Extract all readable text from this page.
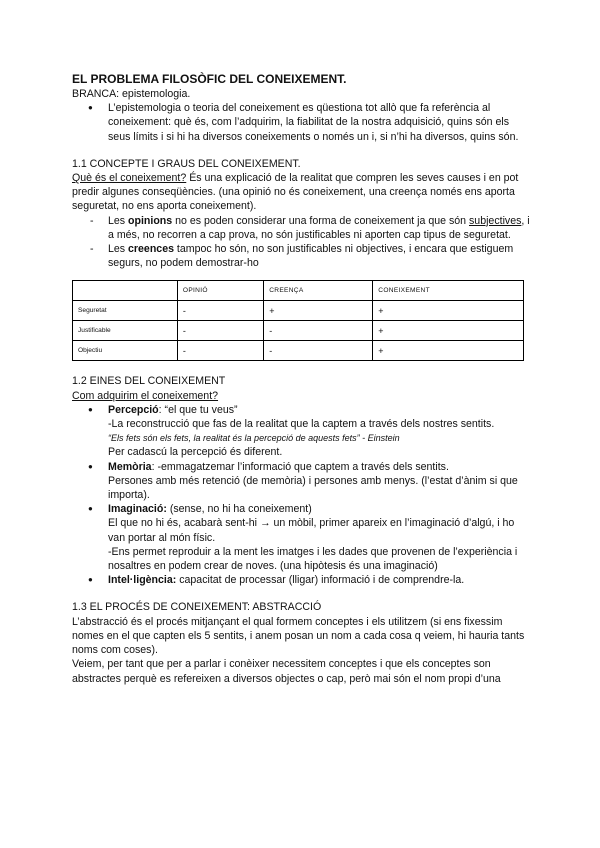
EL PROBLEMA FILOSÒFIC DEL CONEIXEMENT.

BRANCA: epistemologia.

● L’epistemologia o teoria del coneixement es qüestiona tot allò que fa referència al coneixement: què és, com l’adquirim, la fiabilitat de la nostra adquisició, quins són els seus límits i si hi ha diversos coneixements o només un i, si n’hi ha diversos, quins són.

1.1 CONCEPTE I GRAUS DEL CONEIXEMENT.

Què és el coneixement? És una explicació de la realitat que compren les seves causes i en pot predir algunes conseqüències. (una opinió no és coneixement, una creença només ens aporta seguretat, no ens aporta coneixement).

- Les opinions no es poden considerar una forma de coneixement ja que són subjectives, i a més, no recorren a cap prova, no són justificables ni aporten cap tipus de seguretat.
- Les creences tampoc ho són, no son justificables ni objectives, i encara que estiguem segurs, no podem demostrar-ho
	OPINIÓ	CREENÇA	CONEIXEMENT
Seguretat	-	+	+
Justificable	-	-	+
Objectiu	-	-	+

1.2 EINES DEL CONEIXEMENT

Com adquirim el coneixement?

● Percepció: “el que tu veus”
-La reconstrucció que fas de la realitat que la captem a través dels nostres sentits.
“Els fets són els fets, la realitat és la percepció de aquests fets” - Einstein
Per cadascú la percepció és diferent.
● Memòria: -emmagatzemar l’informació que captem a través dels sentits.
Persones amb més retenció (de memòria) i persones amb menys. (l’estat d’ànim si que importa).
● Imaginació: (sense, no hi ha coneixement)
El que no hi és, acabarà sent-hi → un mòbil, primer apareix en l’imaginació d’algú, i ho van portar al món físic.
-Ens permet reproduir a la ment les imatges i les dades que provenen de l’experiència i nosaltres en podem crear de noves. (una hipòtesis és una imaginació)
● Intel·ligència: capacitat de processar (lligar) informació i de comprendre-la.

1.3 EL PROCÉS DE CONEIXEMENT: ABSTRACCIÓ

L’abstracció és el procés mitjançant el qual formem conceptes i els utilitzem (si ens fixessim nomes en el que capten els 5 sentits, i anem posan un nom a cada cosa q veiem, hi hauria tants noms com coses).

Veiem, per tant que per a parlar i conèixer necessitem conceptes i que els conceptes son abstractes perquè es refereixen a diversos objectes o cap, però mai són el nom propi d’una
